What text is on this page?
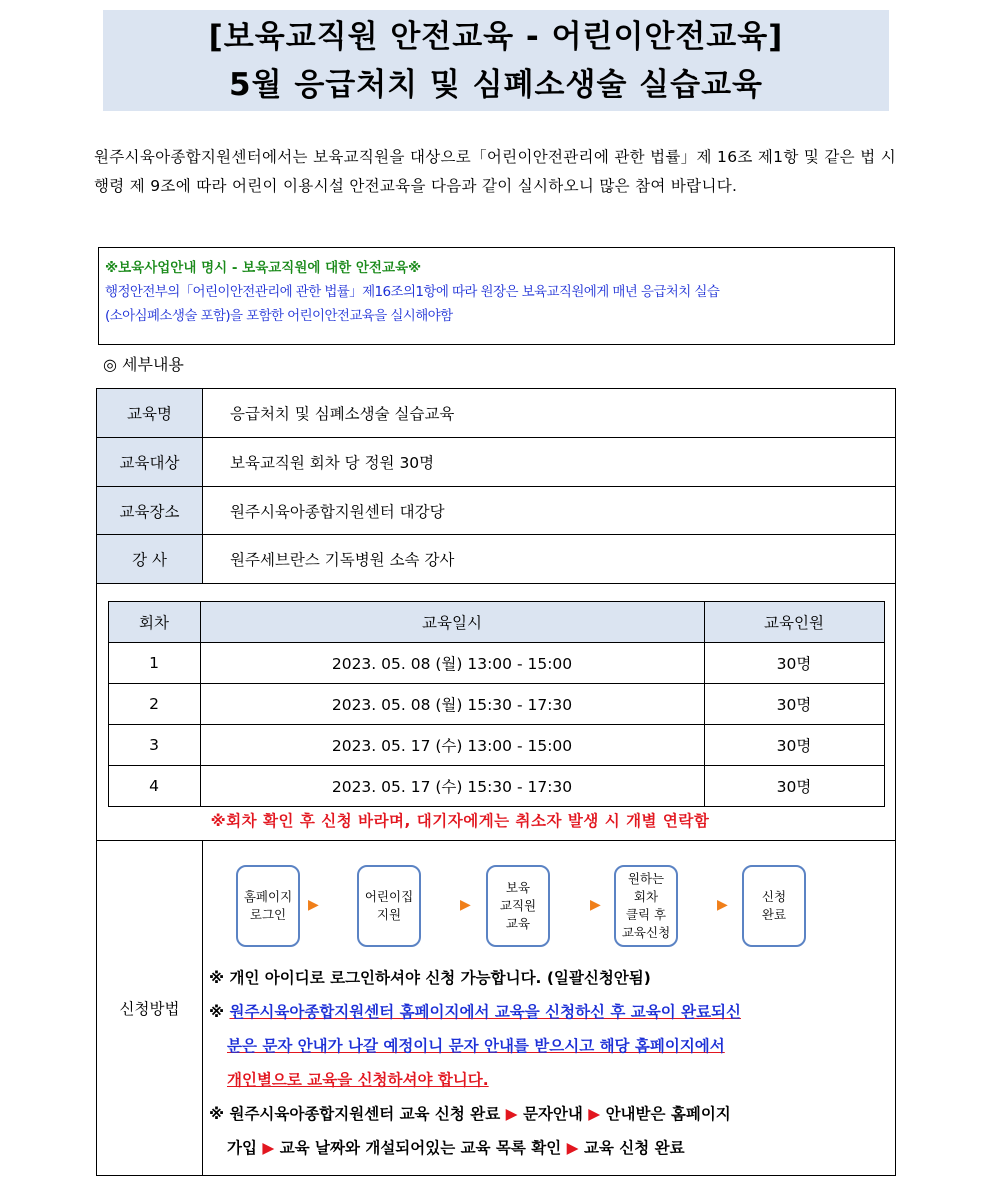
[보육교직원 안전교육 - 어린이안전교육]
5월 응급처치 및 심폐소생술 실습교육
원주시육아종합지원센터에서는 보육교직원을 대상으로「어린이안전관리에 관한 법률」제 16조 제1항 및 같은 법 시행령 제 9조에 따라 어린이 이용시설 안전교육을 다음과 같이 실시하오니 많은 참여 바랍니다.
※보육사업안내 명시 - 보육교직원에 대한 안전교육※
행정안전부의「어린이안전관리에 관한 법률」제16조의1항에 따라 원장은 보육교직원에게 매년 응급처치 실습
(소아심폐소생술 포함)을 포함한 어린이안전교육을 실시해야함
◎ 세부내용
교육명	응급처치 및 심폐소생술 실습교육
교육대상	보육교직원 회차 당 정원 30명
교육장소	원주시육아종합지원센터 대강당
강 사	원주세브란스 기독병원 소속 강사

회차	교육일시	교육인원
1	2023. 05. 08 (월) 13:00 - 15:00	30명
2	2023. 05. 08 (월) 15:30 - 17:30	30명
3	2023. 05. 17 (수) 13:00 - 15:00	30명
4	2023. 05. 17 (수) 15:30 - 17:30	30명
※회차 확인 후 신청 바라며, 대기자에게는 취소자 발생 시 개별 연락함

신청방법	
홈페이지
로그인
▶
어린이집
지원
▶
보육
교직원
교육
▶
원하는
회차
클릭 후
교육신청
▶
신청
완료
※ 개인 아이디로 로그인하셔야 신청 가능합니다. (일괄신청안됨)
※ 원주시육아종합지원센터 홈페이지에서 교육을 신청하신 후 교육이 완료되신
분은 문자 안내가 나갈 예정이니 문자 안내를 받으시고 해당 홈페이지에서
개인별으로 교육을 신청하셔야 합니다.
※ 원주시육아종합지원센터 교육 신청 완료 ▶ 문자안내 ▶ 안내받은 홈페이지
가입 ▶ 교육 날짜와 개설되어있는 교육 목록 확인 ▶ 교육 신청 완료
